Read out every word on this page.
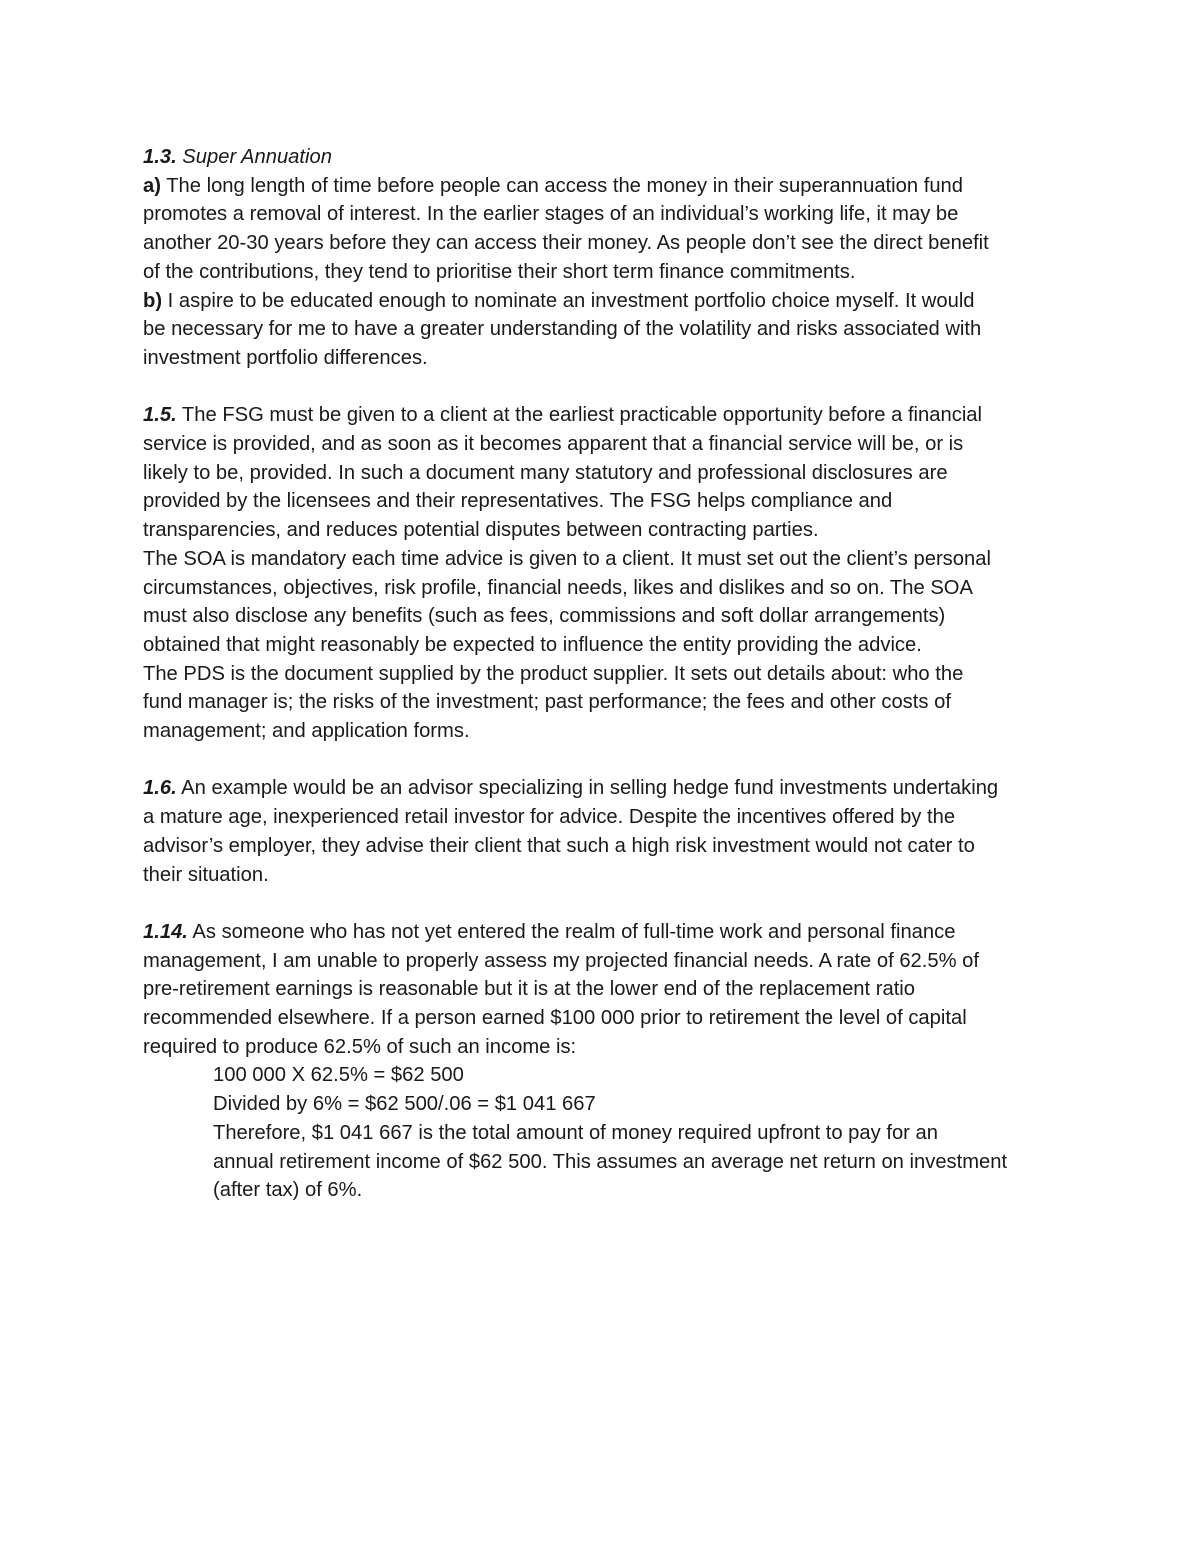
1.3. Super Annuation
a) The long length of time before people can access the money in their superannuation fund
promotes a removal of interest. In the earlier stages of an individual’s working life, it may be
another 20-30 years before they can access their money. As people don’t see the direct benefit
of the contributions, they tend to prioritise their short term finance commitments.
b) I aspire to be educated enough to nominate an investment portfolio choice myself. It would
be necessary for me to have a greater understanding of the volatility and risks associated with
investment portfolio differences.
1.5. The FSG must be given to a client at the earliest practicable opportunity before a financial
service is provided, and as soon as it becomes apparent that a financial service will be, or is
likely to be, provided. In such a document many statutory and professional disclosures are
provided by the licensees and their representatives. The FSG helps compliance and
transparencies, and reduces potential disputes between contracting parties.
The SOA is mandatory each time advice is given to a client. It must set out the client’s personal
circumstances, objectives, risk profile, financial needs, likes and dislikes and so on. The SOA
must also disclose any benefits (such as fees, commissions and soft dollar arrangements)
obtained that might reasonably be expected to influence the entity providing the advice.
The PDS is the document supplied by the product supplier. It sets out details about: who the
fund manager is; the risks of the investment; past performance; the fees and other costs of
management; and application forms.
1.6. An example would be an advisor specializing in selling hedge fund investments undertaking
a mature age, inexperienced retail investor for advice. Despite the incentives offered by the
advisor’s employer, they advise their client that such a high risk investment would not cater to
their situation.
1.14. As someone who has not yet entered the realm of full-time work and personal finance
management, I am unable to properly assess my projected financial needs. A rate of 62.5% of
pre-retirement earnings is reasonable but it is at the lower end of the replacement ratio
recommended elsewhere. If a person earned $100 000 prior to retirement the level of capital
required to produce 62.5% of such an income is:
100 000 X 62.5% = $62 500
Divided by 6% = $62 500/.06 = $1 041 667
Therefore, $1 041 667 is the total amount of money required upfront to pay for an
annual retirement income of $62 500. This assumes an average net return on investment
(after tax) of 6%.
